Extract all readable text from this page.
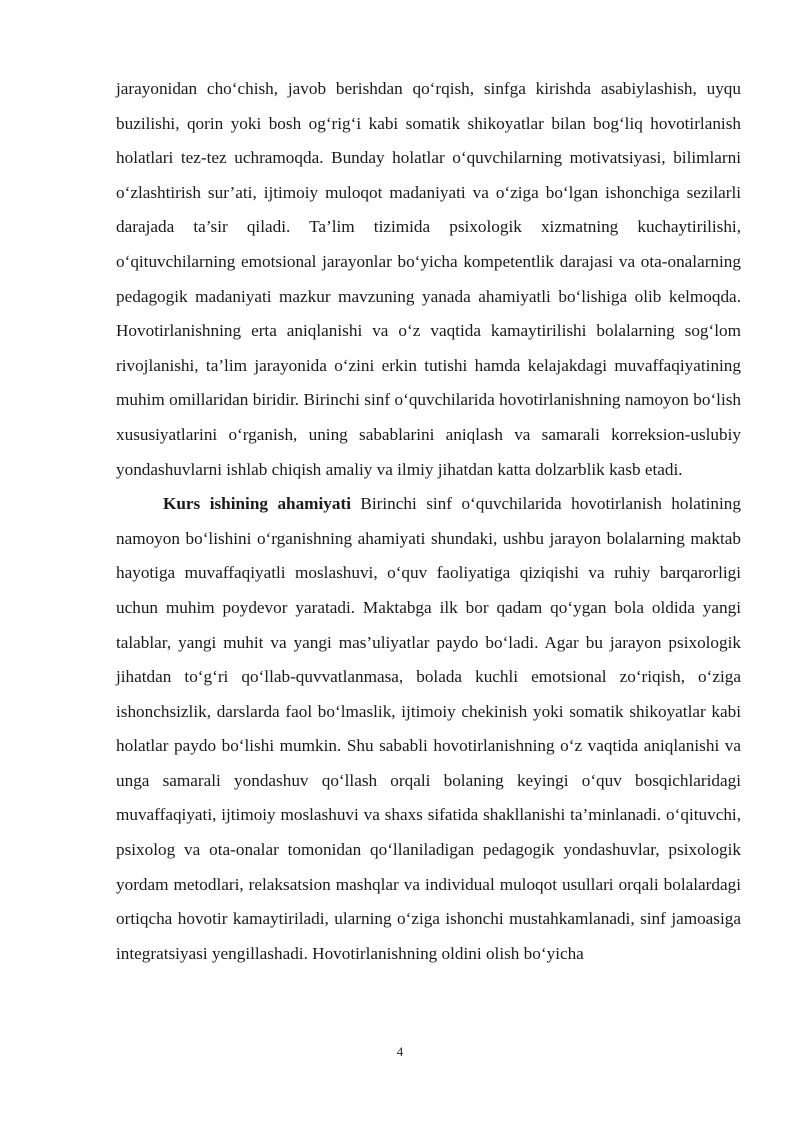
jarayonidan cho‘chish, javob berishdan qo‘rqish, sinfga kirishda asabiylashish, uyqu buzilishi, qorin yoki bosh og‘rig‘i kabi somatik shikoyatlar bilan bog‘liq hovotirlanish holatlari tez-tez uchramoqda. Bunday holatlar o‘quvchilarning motivatsiyasi, bilimlarni o‘zlashtirish sur’ati, ijtimoiy muloqot madaniyati va o‘ziga bo‘lgan ishonchiga sezilarli darajada ta’sir qiladi. Ta’lim tizimida psixologik xizmatning kuchaytirilishi, o‘qituvchilarning emotsional jarayonlar bo‘yicha kompetentlik darajasi va ota-onalarning pedagogik madaniyati mazkur mavzuning yanada ahamiyatli bo‘lishiga olib kelmoqda. Hovotirlanishning erta aniqlanishi va o‘z vaqtida kamaytirilishi bolalarning sog‘lom rivojlanishi, ta’lim jarayonida o‘zini erkin tutishi hamda kelajakdagi muvaffaqiyatining muhim omillaridan biridir. Birinchi sinf o‘quvchilarida hovotirlanishning namoyon bo‘lish xususiyatlarini o‘rganish, uning sabablarini aniqlash va samarali korreksion-uslubiy yondashuvlarni ishlab chiqish amaliy va ilmiy jihatdan katta dolzarblik kasb etadi.

Kurs ishining ahamiyati Birinchi sinf o‘quvchilarida hovotirlanish holatining namoyon bo‘lishini o‘rganishning ahamiyati shundaki, ushbu jarayon bolalarning maktab hayotiga muvaffaqiyatli moslashuvi, o‘quv faoliyatiga qiziqishi va ruhiy barqarorligi uchun muhim poydevor yaratadi. Maktabga ilk bor qadam qo‘ygan bola oldida yangi talablar, yangi muhit va yangi mas’uliyatlar paydo bo‘ladi. Agar bu jarayon psixologik jihatdan to‘g‘ri qo‘llab-quvvatlanmasa, bolada kuchli emotsional zo‘riqish, o‘ziga ishonchsizlik, darslarda faol bo‘lmaslik, ijtimoiy chekinish yoki somatik shikoyatlar kabi holatlar paydo bo‘lishi mumkin. Shu sababli hovotirlanishning o‘z vaqtida aniqlanishi va unga samarali yondashuv qo‘llash orqali bolaning keyingi o‘quv bosqichlaridagi muvaffaqiyati, ijtimoiy moslashuvi va shaxs sifatida shakllanishi ta’minlanadi. o‘qituvchi, psixolog va ota-onalar tomonidan qo‘llaniladigan pedagogik yondashuvlar, psixologik yordam metodlari, relaksatsion mashqlar va individual muloqot usullari orqali bolalardagi ortiqcha hovotir kamaytiriladi, ularning o‘ziga ishonchi mustahkamlanadi, sinf jamoasiga integratsiyasi yengillashadi. Hovotirlanishning oldini olish bo‘yicha

4
